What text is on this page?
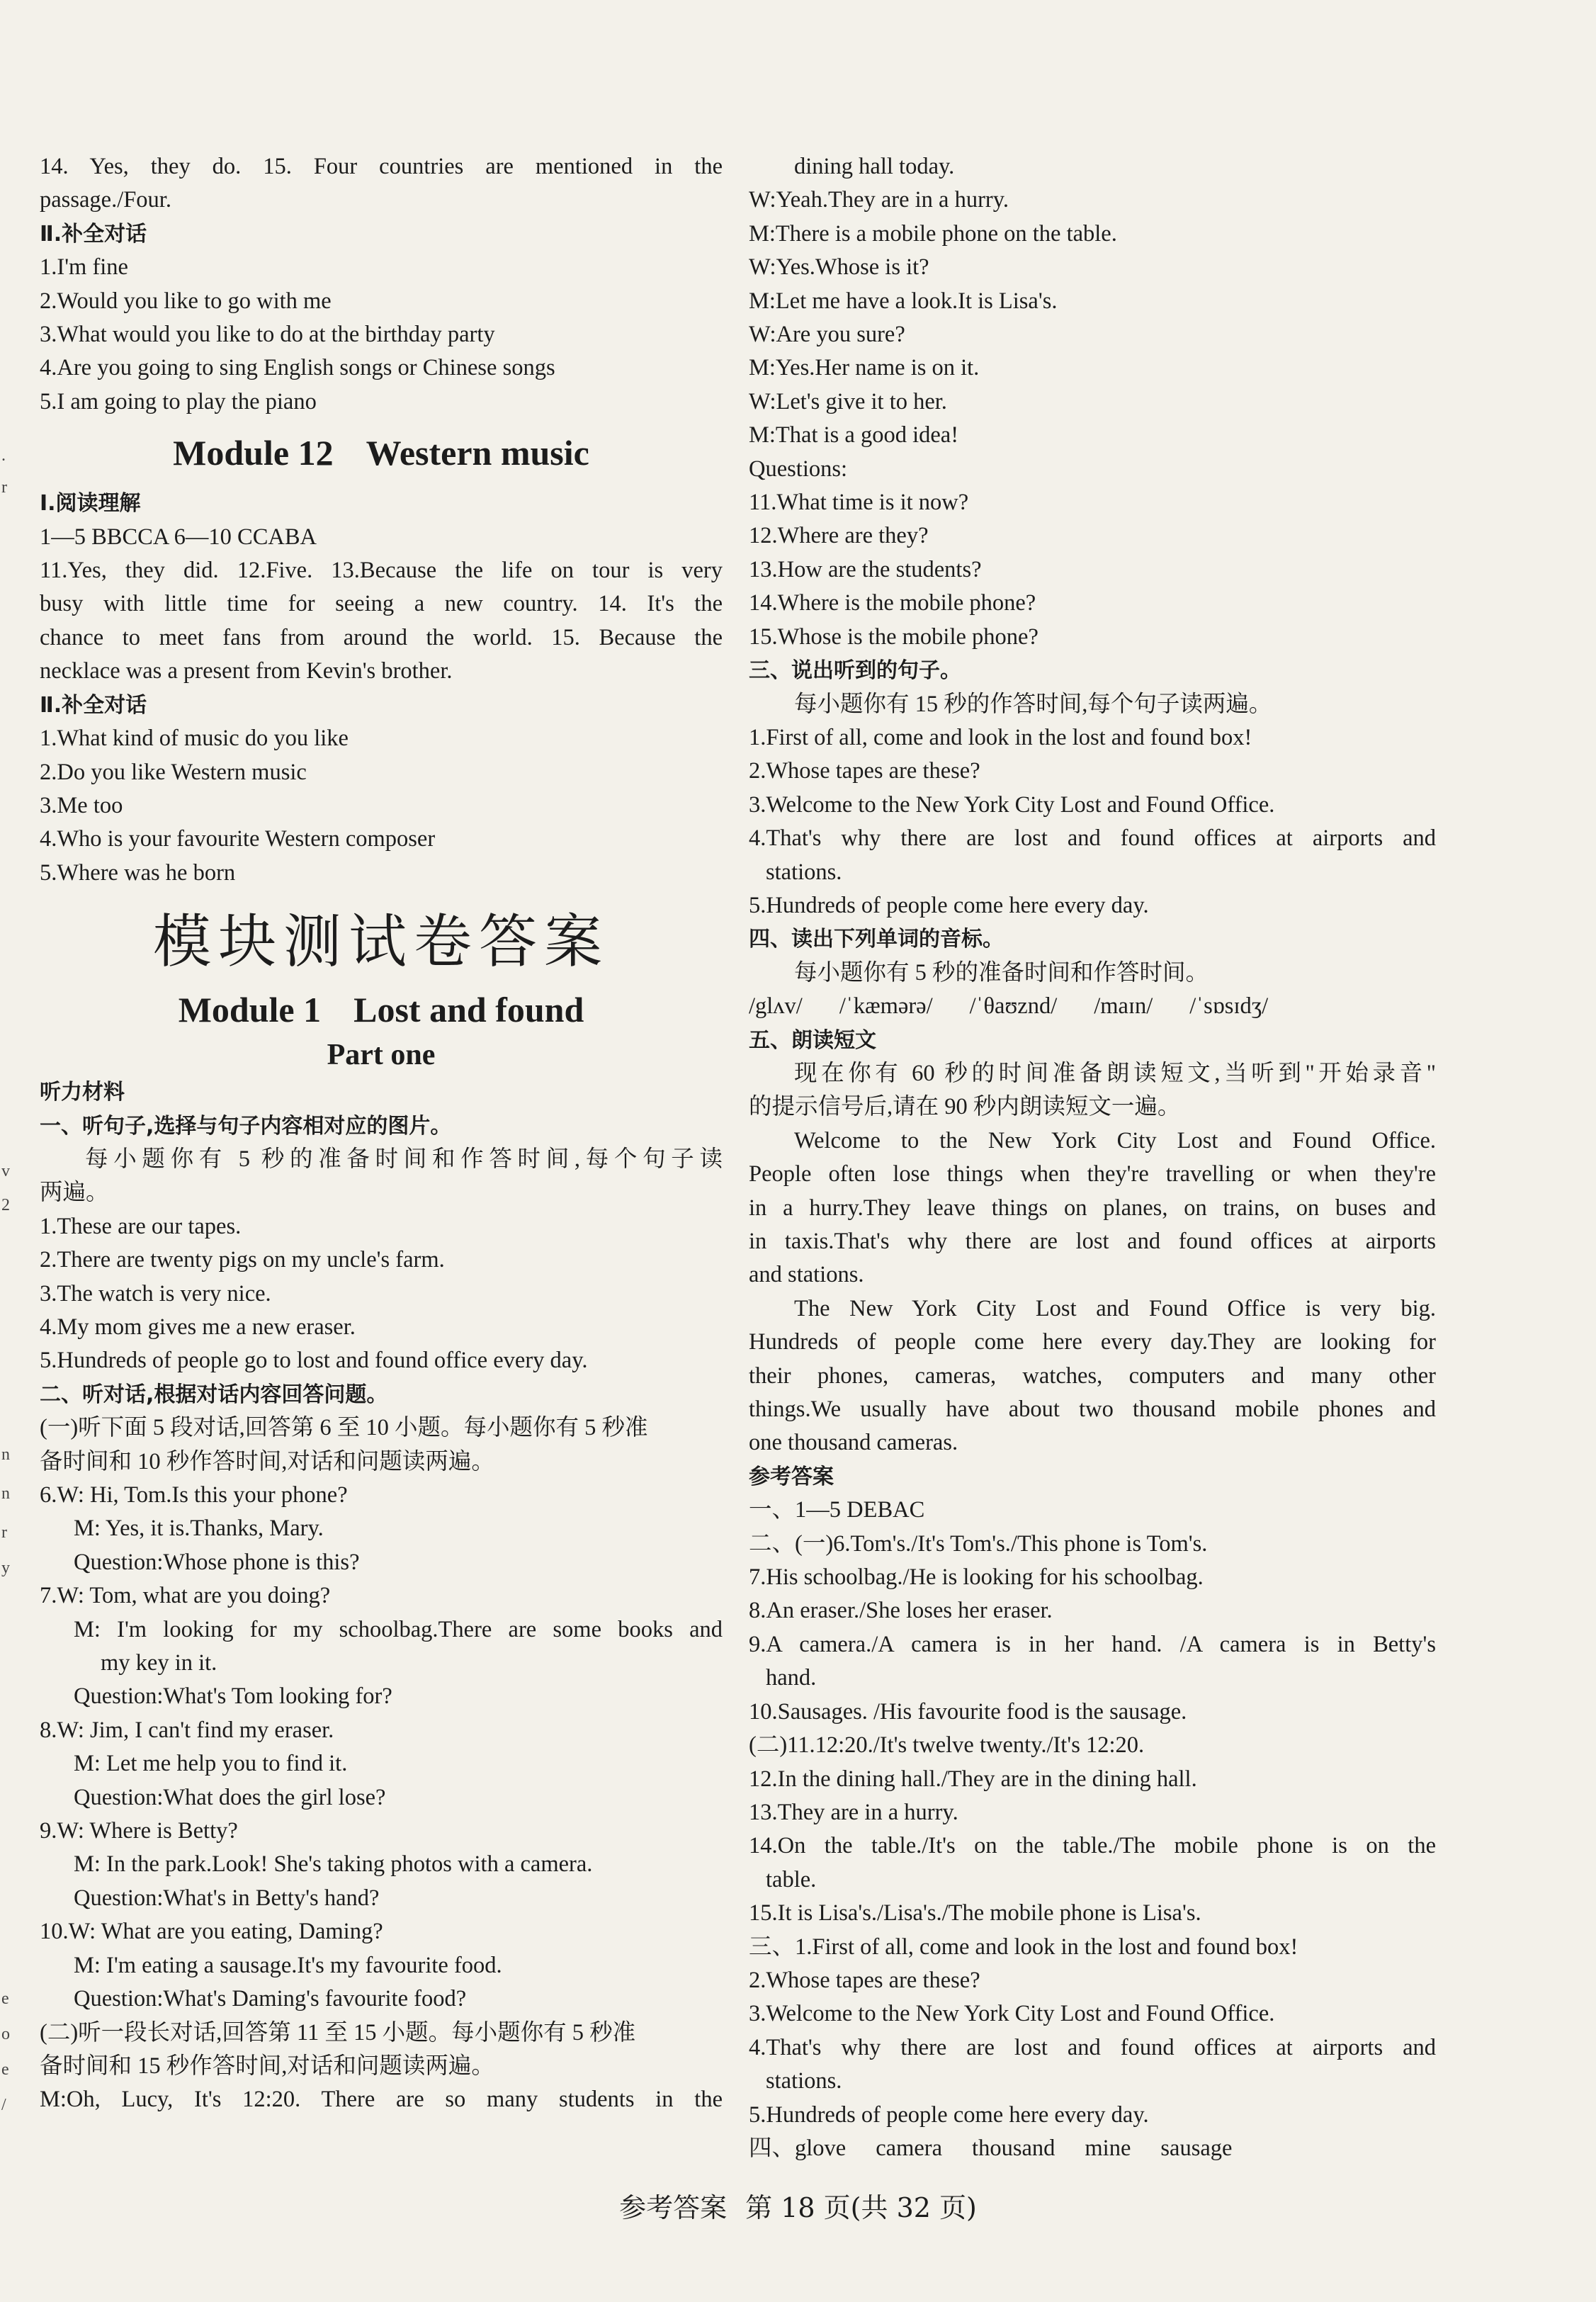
.
r
v
2
n
n
r
y
e
o
e
/

14. Yes, they do. 15. Four countries are mentioned in the

passage./Four.

Ⅱ.补全对话

1.I'm fine

2.Would you like to go with me

3.What would you like to do at the birthday party

4.Are you going to sing English songs or Chinese songs

5.I am going to play the piano

Module 12 Western music

Ⅰ.阅读理解

1—5 BBCCA 6—10 CCABA

11.Yes, they did. 12.Five. 13.Because the life on tour is very

busy with little time for seeing a new country. 14. It's the

chance to meet fans from around the world. 15. Because the

necklace was a present from Kevin's brother.

Ⅱ.补全对话

1.What kind of music do you like

2.Do you like Western music

3.Me too

4.Who is your favourite Western composer

5.Where was he born

模块测试卷答案

Module 1 Lost and found

Part one

听力材料

一、听句子,选择与句子内容相对应的图片。

每小题你有 5 秒的准备时间和作答时间,每个句子读

两遍。

1.These are our tapes.

2.There are twenty pigs on my uncle's farm.

3.The watch is very nice.

4.My mom gives me a new eraser.

5.Hundreds of people go to lost and found office every day.

二、听对话,根据对话内容回答问题。

(一)听下面 5 段对话,回答第 6 至 10 小题。每小题你有 5 秒准

备时间和 10 秒作答时间,对话和问题读两遍。

6.W: Hi, Tom.Is this your phone?

M: Yes, it is.Thanks, Mary.

Question:Whose phone is this?

7.W: Tom, what are you doing?

M: I'm looking for my schoolbag.There are some books and

my key in it.

Question:What's Tom looking for?

8.W: Jim, I can't find my eraser.

M: Let me help you to find it.

Question:What does the girl lose?

9.W: Where is Betty?

M: In the park.Look! She's taking photos with a camera.

Question:What's in Betty's hand?

10.W: What are you eating, Daming?

M: I'm eating a sausage.It's my favourite food.

Question:What's Daming's favourite food?

(二)听一段长对话,回答第 11 至 15 小题。每小题你有 5 秒准

备时间和 15 秒作答时间,对话和问题读两遍。

M:Oh, Lucy, It's 12:20. There are so many students in the

dining hall today.

W:Yeah.They are in a hurry.

M:There is a mobile phone on the table.

W:Yes.Whose is it?

M:Let me have a look.It is Lisa's.

W:Are you sure?

M:Yes.Her name is on it.

W:Let's give it to her.

M:That is a good idea!

Questions:

11.What time is it now?

12.Where are they?

13.How are the students?

14.Where is the mobile phone?

15.Whose is the mobile phone?

三、说出听到的句子。

每小题你有 15 秒的作答时间,每个句子读两遍。

1.First of all, come and look in the lost and found box!

2.Whose tapes are these?

3.Welcome to the New York City Lost and Found Office.

4.That's why there are lost and found offices at airports and

stations.

5.Hundreds of people come here every day.

四、读出下列单词的音标。

每小题你有 5 秒的准备时间和作答时间。

/glʌv/ /ˈkæmərə/ /ˈθaʊznd/ /maɪn/ /ˈsɒsɪdʒ/

五、朗读短文

现在你有 60 秒的时间准备朗读短文,当听到"开始录音"

的提示信号后,请在 90 秒内朗读短文一遍。

Welcome to the New York City Lost and Found Office.

People often lose things when they're travelling or when they're

in a hurry.They leave things on planes, on trains, on buses and

in taxis.That's why there are lost and found offices at airports

and stations.

The New York City Lost and Found Office is very big.

Hundreds of people come here every day.They are looking for

their phones, cameras, watches, computers and many other

things.We usually have about two thousand mobile phones and

one thousand cameras.

参考答案

一、1—5 DEBAC

二、(一)6.Tom's./It's Tom's./This phone is Tom's.

7.His schoolbag./He is looking for his schoolbag.

8.An eraser./She loses her eraser.

9.A camera./A camera is in her hand. /A camera is in Betty's

hand.

10.Sausages. /His favourite food is the sausage.

(二)11.12:20./It's twelve twenty./It's 12:20.

12.In the dining hall./They are in the dining hall.

13.They are in a hurry.

14.On the table./It's on the table./The mobile phone is on the

table.

15.It is Lisa's./Lisa's./The mobile phone is Lisa's.

三、1.First of all, come and look in the lost and found box!

2.Whose tapes are these?

3.Welcome to the New York City Lost and Found Office.

4.That's why there are lost and found offices at airports and

stations.

5.Hundreds of people come here every day.

四、glove camera thousand mine sausage

参考答案 第 18 页(共 32 页)
